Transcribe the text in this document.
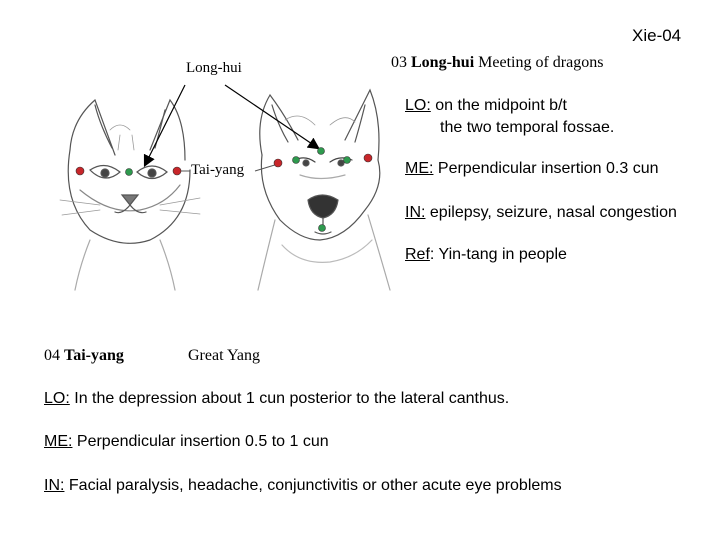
Xie-04
Long-hui
Tai-yang
03 Long-hui Meeting of dragons
LO: on the midpoint b/t
the two temporal fossae.
ME: Perpendicular insertion 0.3 cun
IN: epilepsy, seizure, nasal congestion
Ref: Yin-tang in people
04 Tai-yang	Great Yang
LO: In the depression about 1 cun posterior to the lateral canthus.
ME: Perpendicular insertion 0.5 to 1 cun
IN: Facial paralysis, headache, conjunctivitis or other acute eye problems
